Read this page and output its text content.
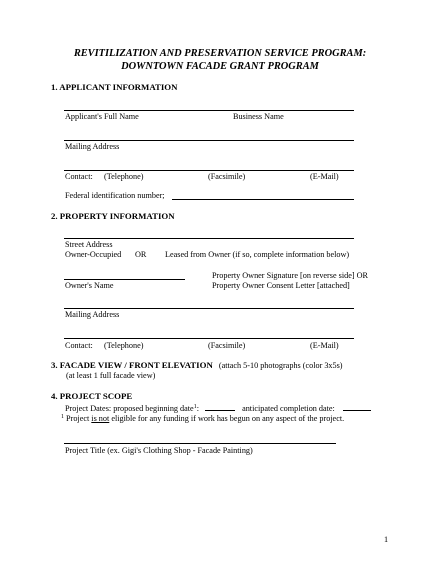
REVITILIZATION AND PRESERVATION SERVICE PROGRAM:
DOWNTOWN FACADE GRANT PROGRAM
1. APPLICANT INFORMATION
Applicant's Full Name	Business Name
Mailing Address
Contact: (Telephone)	(Facsimile)	(E-Mail)
Federal identification number;
2. PROPERTY INFORMATION
Street Address
Owner-Occupied OR Leased from Owner (if so, complete information below)
Property Owner Signature [on reverse side] OR
Owner's Name	Property Owner Consent Letter [attached]
Mailing Address
Contact: (Telephone)	(Facsimile)	(E-Mail)
3. FACADE VIEW / FRONT ELEVATION (attach 5-10 photographs (color 3x5s)
(at least 1 full facade view)
4. PROJECT SCOPE
Project Dates: proposed beginning date$^1$:	anticipated completion date:
$^1$ Project is not eligible for any funding if work has begun on any aspect of the project.
Project Title (ex. Gigi's Clothing Shop - Facade Painting)
1
